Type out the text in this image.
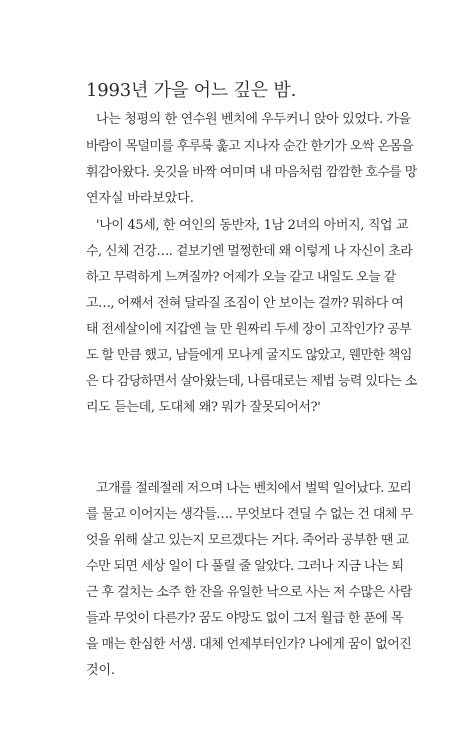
1993년 가을 어느 깊은 밤.
나는 청평의 한 연수원 벤치에 우두커니 앉아 있었다. 가을
바람이 목덜미를 후루룩 훑고 지나자 순간 한기가 오싹 온몸을
휘감아왔다. 옷깃을 바짝 여미며 내 마음처럼 깜깜한 호수를 망
연자실 바라보았다.
'나이 45세, 한 여인의 동반자, 1남 2녀의 아버지, 직업 교
수, 신체 건강…. 겉보기엔 멀쩡한데 왜 이렇게 나 자신이 초라
하고 무력하게 느껴질까? 어제가 오늘 같고 내일도 오늘 같
고…, 어째서 전혀 달라질 조짐이 안 보이는 걸까? 뭐하다 여
태 전세살이에 지갑엔 늘 만 원짜리 두세 장이 고작인가? 공부
도 할 만큼 했고, 남들에게 모나게 굴지도 않았고, 웬만한 책임
은 다 감당하면서 살아왔는데, 나름대로는 제법 능력 있다는 소
리도 듣는데, 도대체 왜? 뭐가 잘못되어서?'
고개를 절레절레 저으며 나는 벤치에서 벌떡 일어났다. 꼬리
를 물고 이어지는 생각들…. 무엇보다 견딜 수 없는 건 대체 무
엇을 위해 살고 있는지 모르겠다는 거다. 죽어라 공부한 땐 교
수만 되면 세상 일이 다 풀릴 줄 알았다. 그러나 지금 나는 퇴
근 후 걸치는 소주 한 잔을 유일한 낙으로 사는 저 수많은 사람
들과 무엇이 다른가? 꿈도 야망도 없이 그저 월급 한 푼에 목
을 매는 한심한 서생. 대체 언제부터인가? 나에게 꿈이 없어진
것이.
